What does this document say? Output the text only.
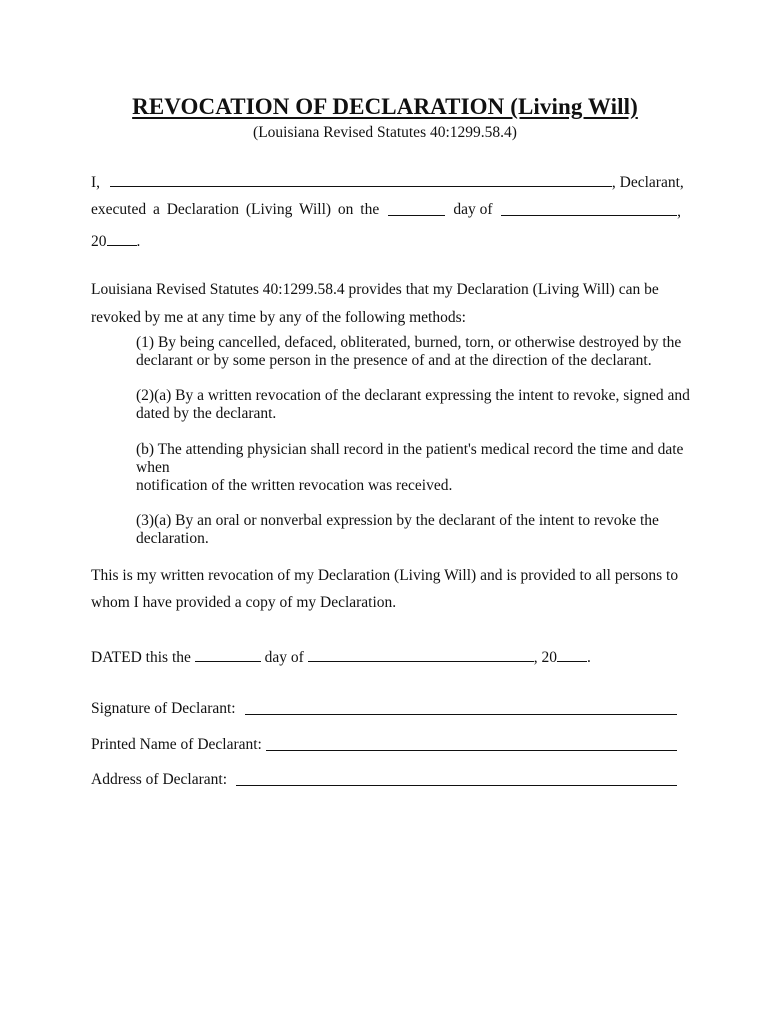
REVOCATION OF DECLARATION (Living Will)
(Louisiana Revised Statutes 40:1299.58.4)
I,	, Declarant,
executed a Declaration (Living Will) on the	day of	,
20 .
Louisiana Revised Statutes 40:1299.58.4 provides that my Declaration (Living Will) can be
revoked by me at any time by any of the following methods:
(1) By being cancelled, defaced, obliterated, burned, torn, or otherwise destroyed by the
declarant or by some person in the presence of and at the direction of the declarant.
(2)(a) By a written revocation of the declarant expressing the intent to revoke, signed and
dated by the declarant.
(b) The attending physician shall record in the patient's medical record the time and date
when
notification of the written revocation was received.
(3)(a) By an oral or nonverbal expression by the declarant of the intent to revoke the
declaration.
This is my written revocation of my Declaration (Living Will) and is provided to all persons to
whom I have provided a copy of my Declaration.
DATED this the	day of	, 20 .
Signature of Declarant:
Printed Name of Declarant:
Address of Declarant:
